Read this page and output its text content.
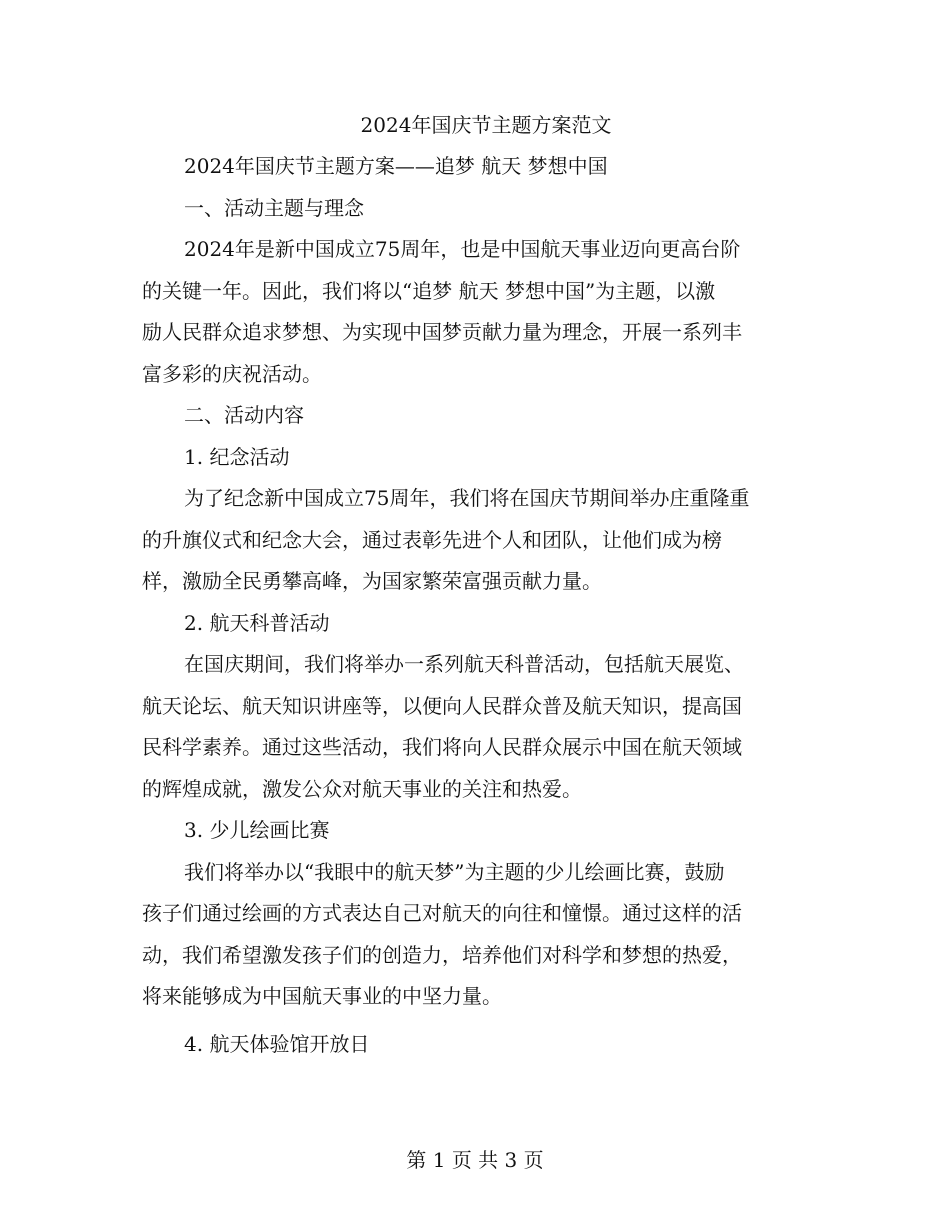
2024年国庆节主题方案范文
2024年国庆节主题方案——追梦 航天 梦想中国
一、活动主题与理念
2024年是新中国成立75周年，也是中国航天事业迈向更高台阶
的关键一年。因此，我们将以“追梦 航天 梦想中国”为主题，以激
励人民群众追求梦想、为实现中国梦贡献力量为理念，开展一系列丰
富多彩的庆祝活动。
二、活动内容
1. 纪念活动
为了纪念新中国成立75周年，我们将在国庆节期间举办庄重隆重
的升旗仪式和纪念大会，通过表彰先进个人和团队，让他们成为榜
样，激励全民勇攀高峰，为国家繁荣富强贡献力量。
2. 航天科普活动
在国庆期间，我们将举办一系列航天科普活动，包括航天展览、
航天论坛、航天知识讲座等，以便向人民群众普及航天知识，提高国
民科学素养。通过这些活动，我们将向人民群众展示中国在航天领域
的辉煌成就，激发公众对航天事业的关注和热爱。
3. 少儿绘画比赛
我们将举办以“我眼中的航天梦”为主题的少儿绘画比赛，鼓励
孩子们通过绘画的方式表达自己对航天的向往和憧憬。通过这样的活
动，我们希望激发孩子们的创造力，培养他们对科学和梦想的热爱，
将来能够成为中国航天事业的中坚力量。
4. 航天体验馆开放日
第 1 页 共 3 页
